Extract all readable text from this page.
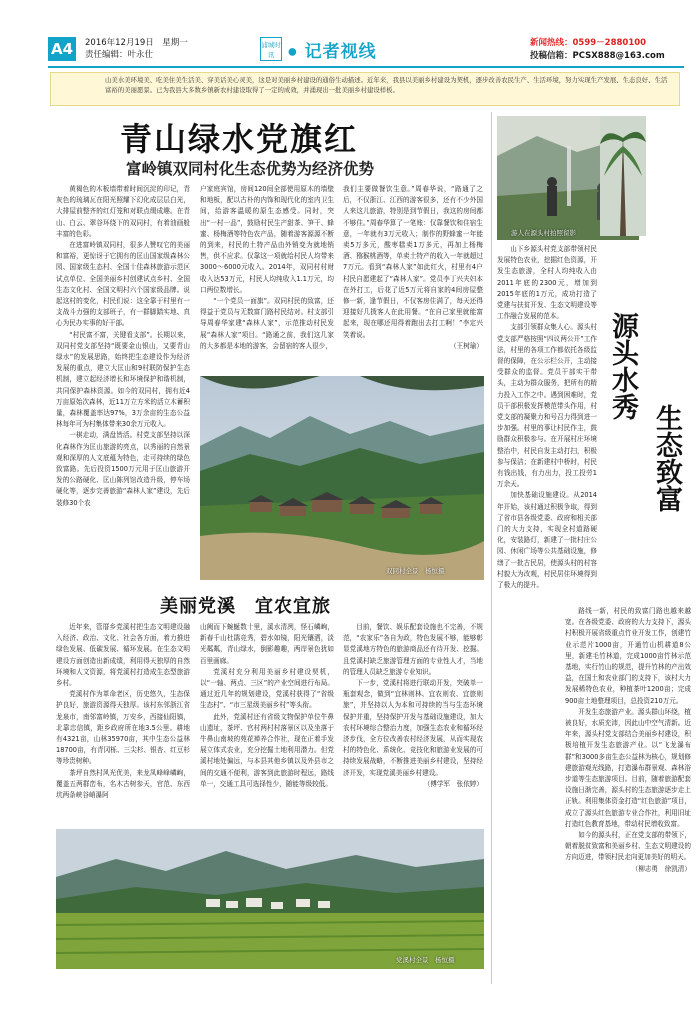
A4	2016年12月19日　星期一
责任编辑：叶永仕
浦城时讯	● 记者视线	新闻热线：0599－2880100
投稿信箱：PCSX888@163.com
山美水美环境美、吃美住美生活美、穿美话美心灵美，这是对美丽乡村建设的通俗生动描述。近年来，我县以美丽乡村建设为契机，逐步改善农民生产、生活环境，努力实现生产发展、生态良好、生活富裕的美丽愿景。已为我县大多数乡镇新农村建设取得了一定的成效，并涌现出一批美丽乡村建设样板。
青山绿水党旗红
富岭镇双同村化生态优势为经济优势

黄褐色的木板墙带着时间沉淀的印记，青灰色的琉璃瓦在阳光照耀下幻化成层层白光，大排屋前整齐的红灯笼和对联点缀成趣。在青山、白云、翠谷环绕下的双同村，有着油画般丰富的色彩。

在进富岭镇双同村，很多人赞叹它的美丽和富裕，更惊讶于它拥有的匡山国家级森林公园、国家级生态村、全国十佳森林旅游示范区试点单位、全国美丽乡村创建试点乡村、全国生态文化村、全国文明村六个国家级品牌。说起这村的变化，村民们说：这全靠于村里有一支战斗力强的支部班子，有一群脚踏实地、真心为民办实事的好干部。

“村民富不富，关键看支部”。长期以来，双同村党支部坚持“既要金山银山，又要青山绿水”的发展思路，始终把生态建设作为经济发展的重点，建立大匡山和9村联防保护生态机制，建立起经济增长和环境保护和谐机制，共同保护森林资源。如今的双同村，拥有近4万亩原始次森林，近11万立方米的活立木蓄积量，森林覆盖率达97%，3万余亩的生态公益林每年可为村集体带来30余万元收入。

一棋走动，满盘皆活。村党支部坚持以深化森林作为匡山旅游的亮点，以秀丽的自然景观和深厚的人文底蕴为特色，走可持续的绿色致富路。先后投资1500万元用于匡山旅游开发的公路硬化、匡山陈列馆改造升级，停车场硬化等，逐步完善旅游“森林人家”建设，先后装修30个农

户家庭宾馆，房间120间全部使用原木的墙壁和地板，配以古朴的内饰和现代化的室内卫生间，给游客温暖的原生态感受。同时，突出“一村一品”，鼓励村民生产甜茶、笋干、蜂蜜、杨梅酒等特色农产品，随着游客源源不断的到来，村民的土特产品由外销变为就地销售，供不应求。仅靠这一项就给村民人均带来3000～6000元收入。2014年，双同村村财收入达53万元，村民人均纯收入1.1万元，均口两位数增长。

“一个党员一面旗”。双同村民的致富，还得益于党员与无数富门路村民结对。村支部引导周春华家建“森林人家”，示范推动村民发展“森林人家”项目。“路通之前，我们这几家的大多都是本地的游客，会留宿的客人很少，

我们主要做餐饮生意。”周春华说，“路通了之后，不仅浙江、江西的游客很多，还有不少外国人来这儿旅游，特别是到节假日，我这的房间都不够住。”周春华算了一笔账：仅靠餐饮和住宿生意，一年就有3万元收入；制作的野蜂蜜一年能卖5万多元，酸枣糕卖1万多元，再加上杨梅酒、猕猴桃酒等，单卖土特产的收入一年就超过7万元。看到“森林人家”如此红火，村里有4户村民自愿建起了“森林人家”。党员李丁兴夫妇本在外打工，后花了近5万元将自家的4间房屋整修一新，逢节假日，不仅客房住满了，每天还得迎接好几拨客人在此用餐。“在自己家里就能富起来，现在哪还用得着跑出去打工啊！”李定兴笑着说。

（王树瑜）

双同村全景　杨恒摄
美丽党溪　宜农宜旅

近年来，管厝乡党溪村把生态文明建设融入经济、政治、文化、社会各方面，着力推进绿色发展、低碳发展、循环发展。在生态文明建设方面创造出新成绩，利用得天独厚的自然环境和人文资源，将党溪村打造成生态型旅游乡村。

党溪村作为革命老区，历史悠久，生态保护良好，旅游资源得天独厚。该村东邻浙江省龙泉市，南邻富岭镇，万安乡，西接仙阳镇，北靠忠信镇，距乡政府所在地3.5公里。耕地有4321亩，山林35970亩，其中生态公益林18700亩，有青冈栎、三尖杉、银杏、红豆杉等珍贵树种。

茶坪自然村风光优美，来龙凤峰峰嶙峋，覆盖五两群峦布，名木古树参天，官范、东西坑两条峡谷峭瀑阿

山阙而下蜿蜒数十里，溪水清冽，怪石嶙峋，新春千山杜鹃竞秀，碧水如镜，阳光镶洒，淡光粼粼，青山绿水，倒影趣趣，两岸景色犹如百里画廊。

党溪村充分利用美丽乡村建设契机，以“一轴、两点、三区”的产业空间进行布局。通过近几年的规划建设，党溪村获得了“省级生态村”、“市三星级美丽乡村”等头衔。

此外，党溪村还有省级文物保护单位牛鼻山遗址，茶坪、官村两村村落景区以及坐落于牛鼻山南坡的苑花禅养合作社，现在正着手发展立体式农业，充分挖掘土地利用潜力。但党溪村地处偏远，与本县其他乡镇以及外县市之间的交通不便利，游客到此旅游时程远，路线单一，交通工具可选择性少，随能等级较低。

目前，餐饮、娱乐配套设施也不完善，不规范，“农家乐”各自为政，特色发展不够，能够彰显党溪地方特色的旅游商品还有待开发、挖掘。且党溪村缺乏旅游管理方面的专业性人才，当地的管理人员缺乏旅游专业知识。

下一步，党溪村将进行联动开发，突破单一瓶套观念，做到“宜林则林、宜农则农、宜旅则旅”，并坚持以人为本和可持续的当与生态环境保护并重，坚持保护开发与基础设施建设，加大农村环境综合整治力度，加强生态农业和循环经济步伐，全方位改善农村经济发展，从而实现农村的特色化、系统化、竞技化和旅游业发展的可持续发展战略，不断推进美丽乡村建设，坚持经济开发，实现党溪美丽乡村建设。

（傅学军　张依婷）

党溪村全景　杨恒摄
游人在源头村拍照留影

山下乡源头村党支部带领村民发展特色农业，挖掘红色资源，开发生态旅游，全村人均纯收入由2011年底的2300元，增加到2015年底的1万元，成功打造了党建与扶贫开发、生态文明建设等工作融合发展的范本。

支部引领群众集人心。源头村党支部严格按照“四议两公开”工作法，村里的各项工作都依托各级监督的保障，在公示栏公开，主动接受群众的监督。党员干部实干带头，主动为群众服务，把所有的精力投入工作之中。遇到困难时，党员干部积极发挥模范带头作用，村党支部的凝聚力和号召力得到进一步加强。村里的事让村民作主，鼓励群众积极参与。在开展村庄环境整治中，村民自发主动打扫，积极参与保洁；在新建村中桥时，村民有钱出钱，有力出力，投工投劳1万余天。

加快基础设施建设。从2014年开始，该村通过积极争取，得到了省市县各级党委、政府和相关部门的大力支持，实现全村道路硬化，安装路灯，新建了一批村庄公园、休闲广场等公共基础设施，修缮了一批古民居，使源头村的村容村貌大为改观，村民居住环境得到了极大的提升。

源头水秀
生态致富

路线一新，村民的致富门路也越来越宽。在各级党委、政府的大力支持下，源头村积极开展省级重点竹业开发工作，创建竹业示范片1000亩，开通竹山机耕道8公里，新建毛竹林道，完成1000亩竹林示范基地，实行竹山的规范，提升竹林的产出效益，在国土和农业部门的支持下，该村大力发展稀特色农业，种植茶叶1200亩；完成900亩土地整理项目，总投资210万元。

开发生态旅游产业。源头群山环绕，植被良好，水质充沛，因此山中空气清新。近年来，源头村党支部结合美丽乡村建设，积极培植开发生态旅游产业。以“飞龙瀑布群”和3000多亩生态公益林为核心，规划修建旅游观光线路，打造瀑布群景观、森林浴步道等生态旅游项目。目前，随着旅游配套设施日渐完善，源头村的生态旅游逐步走上正轨。利用集体资金打造“红色旅游”项目，成立了源头红色旅游专业合作社，利用旧址打造红色教育基地，带动村民增收致富。

如今的源头村，正在党支部的带领下，朝着脱贫致富和美丽乡村、生态文明建设的方向迈进，带领村民走向更加美好的明天。

（柳志勇　徐凯清）
